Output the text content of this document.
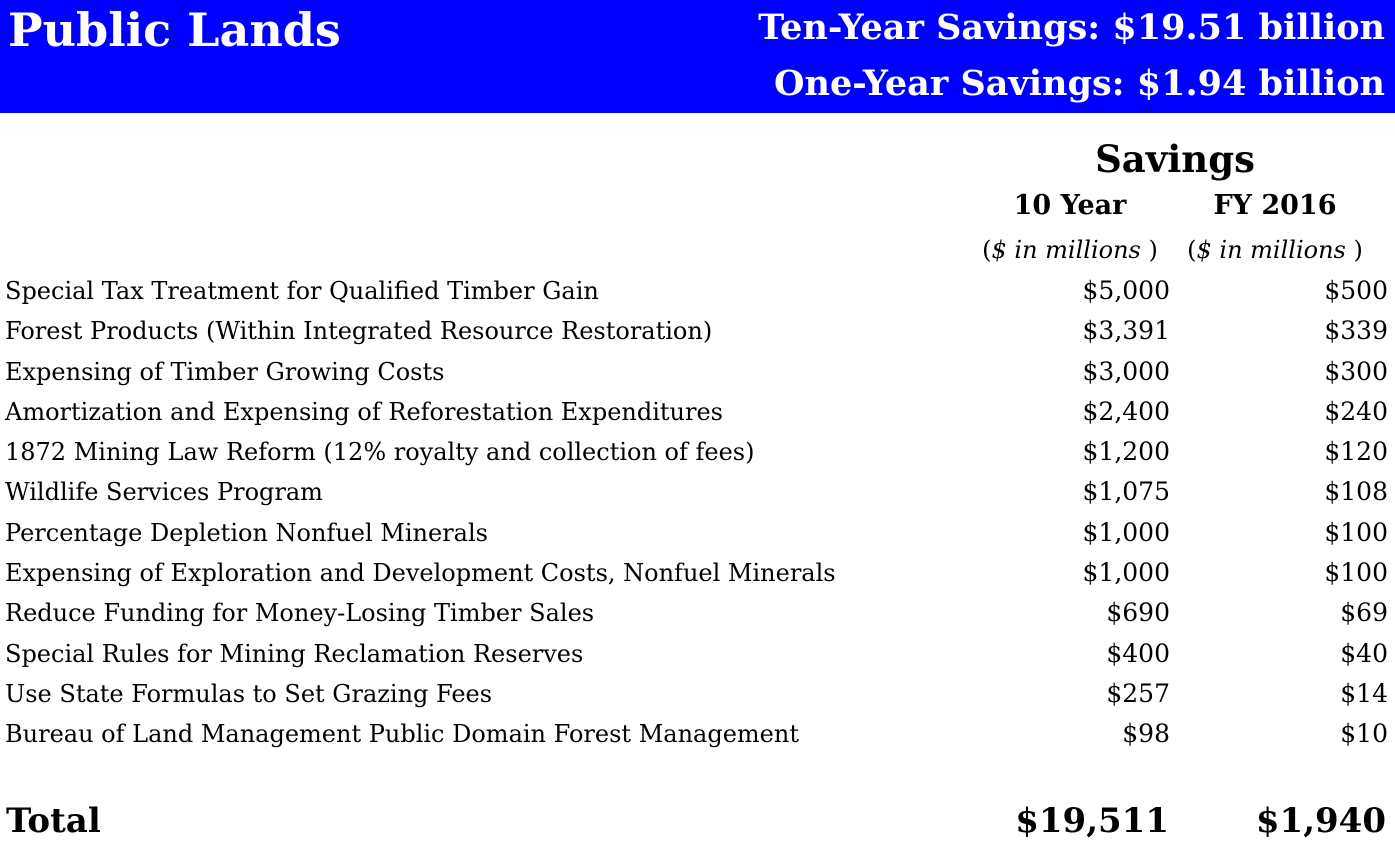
Public Lands	Ten-Year Savings: $19.51 billion
One-Year Savings: $1.94 billion
Savings
10 Year	FY 2016
($ in millions )	($ in millions )
Special Tax Treatment for Qualified Timber Gain	$5,000	$500
Forest Products (Within Integrated Resource Restoration)	$3,391	$339
Expensing of Timber Growing Costs	$3,000	$300
Amortization and Expensing of Reforestation Expenditures	$2,400	$240
1872 Mining Law Reform (12% royalty and collection of fees)	$1,200	$120
Wildlife Services Program	$1,075	$108
Percentage Depletion Nonfuel Minerals	$1,000	$100
Expensing of Exploration and Development Costs, Nonfuel Minerals	$1,000	$100
Reduce Funding for Money-Losing Timber Sales	$690	$69
Special Rules for Mining Reclamation Reserves	$400	$40
Use State Formulas to Set Grazing Fees	$257	$14
Bureau of Land Management Public Domain Forest Management	$98	$10
Total	$19,511	$1,940
